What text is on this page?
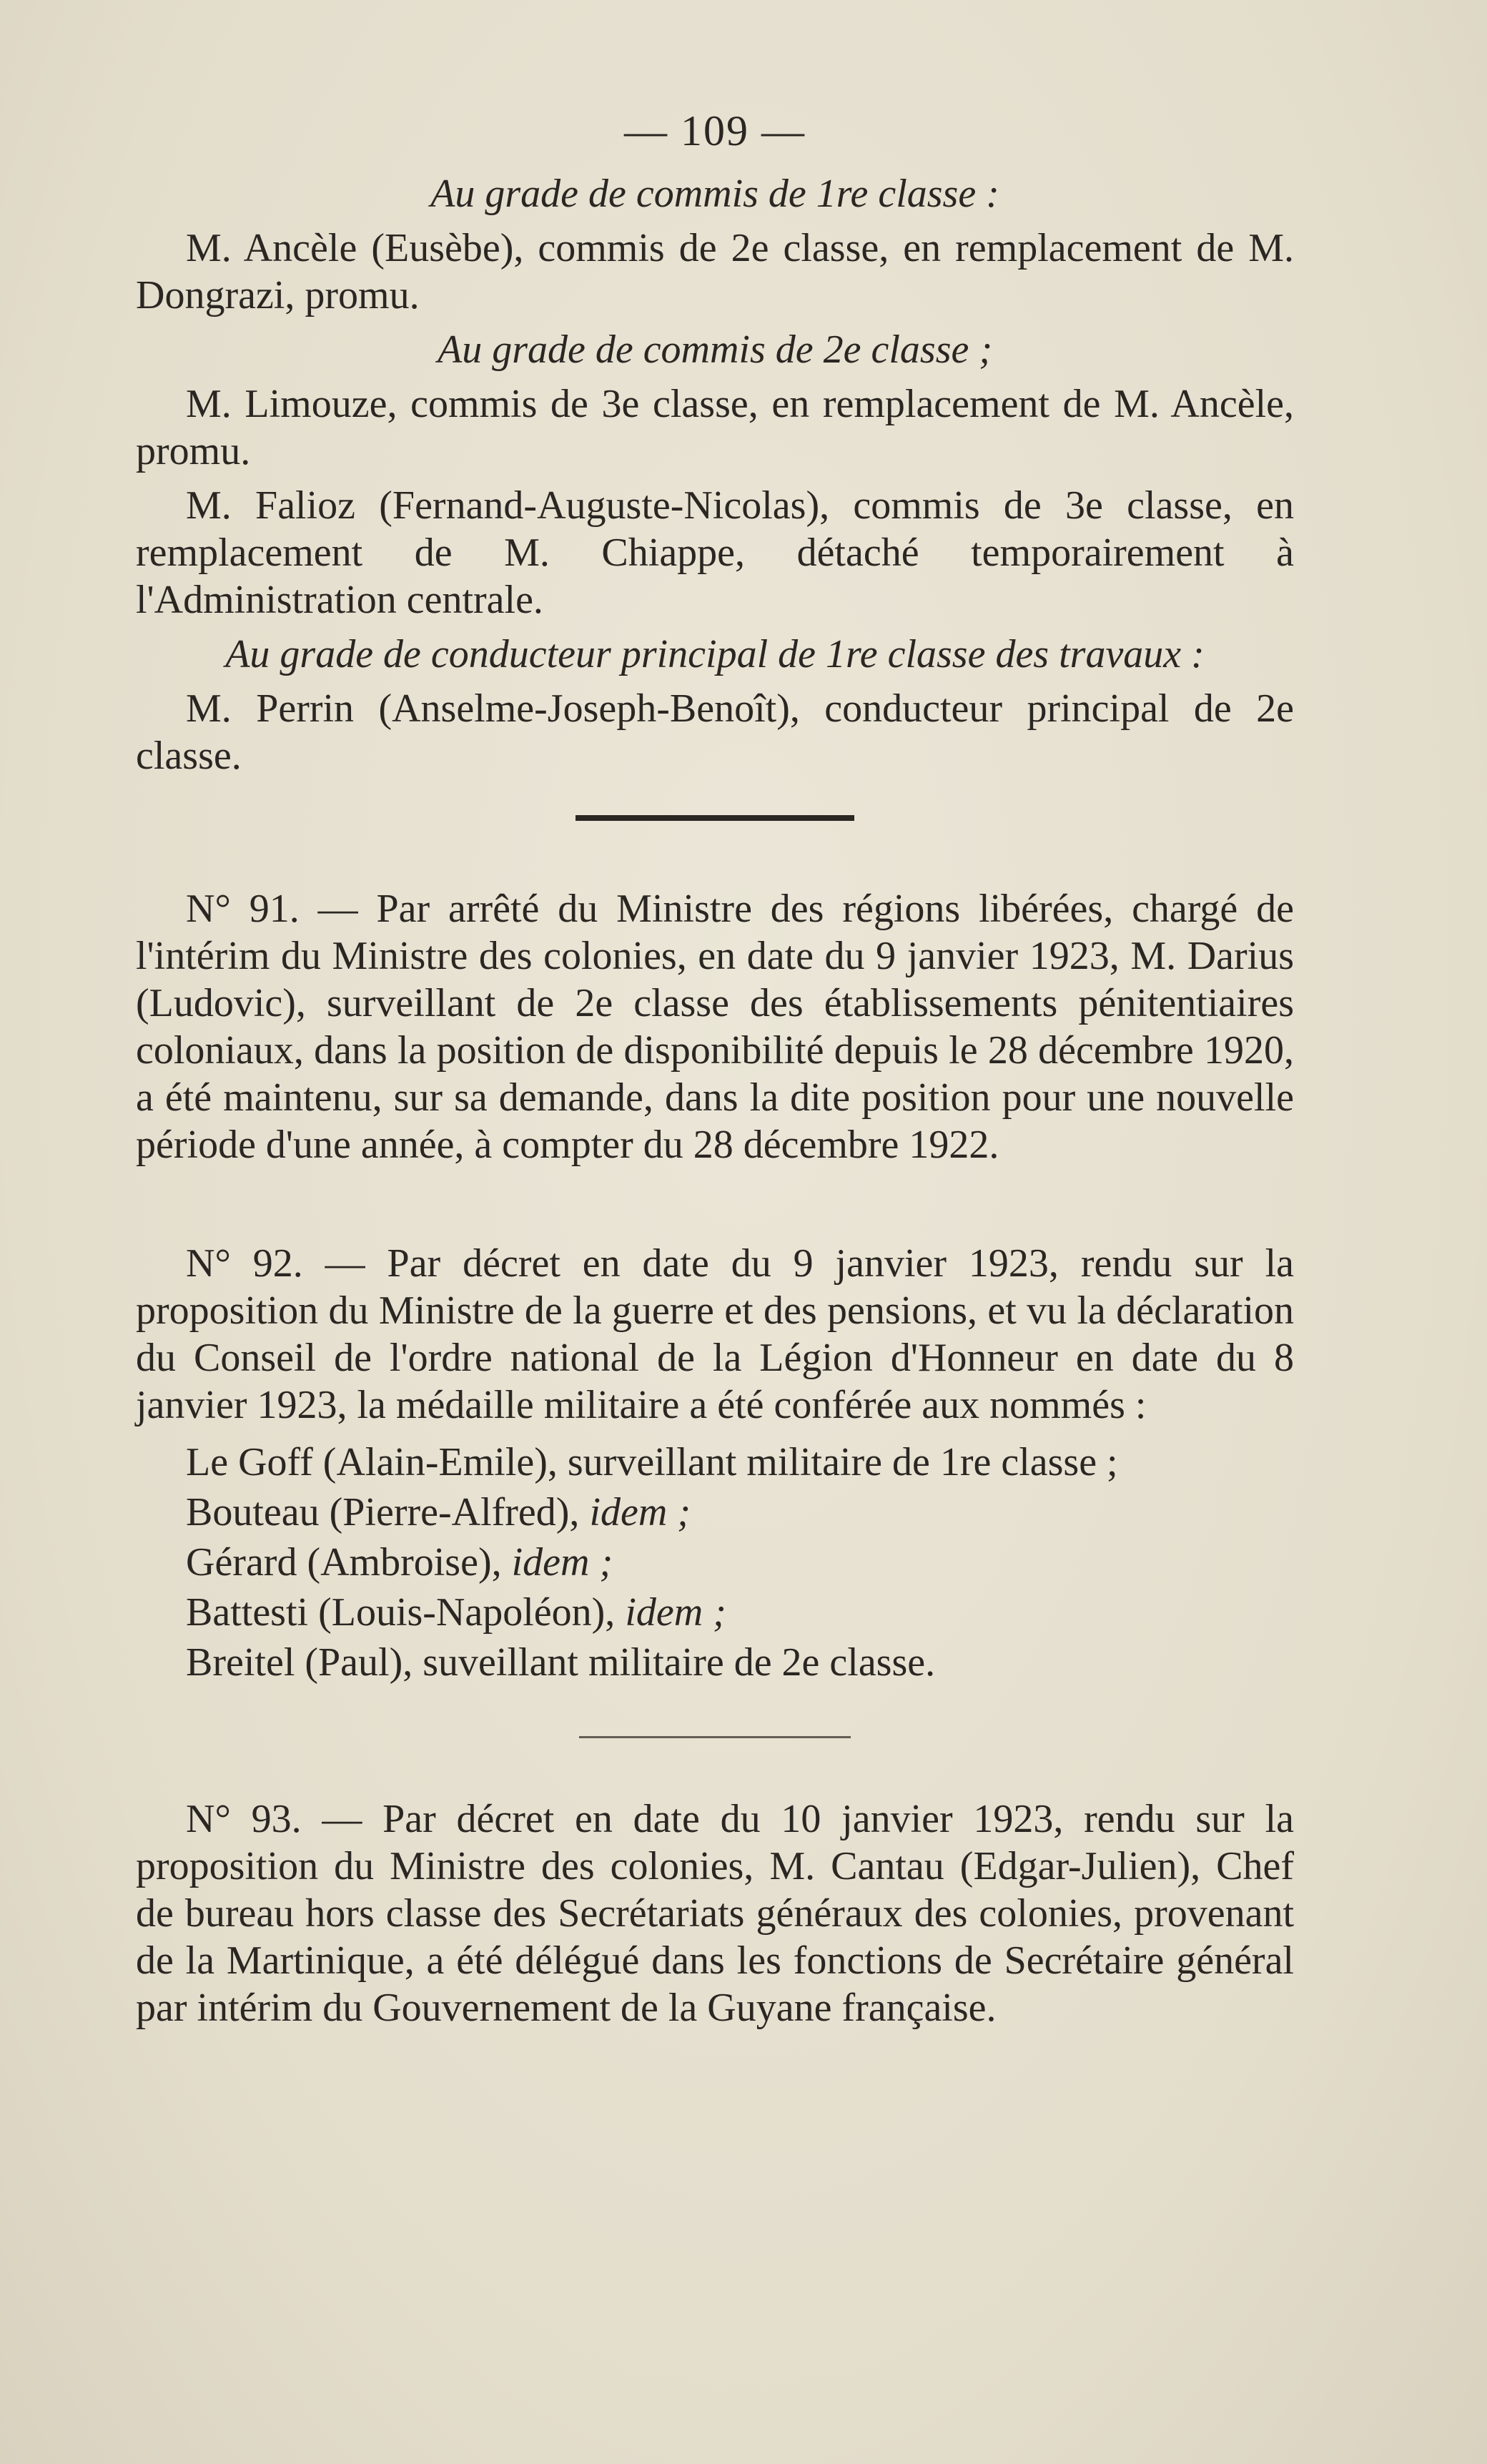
— 109 —
Au grade de commis de 1re classe :
M. Ancèle (Eusèbe), commis de 2e classe, en remplacement de M. Dongrazi, promu.
Au grade de commis de 2e classe ;
M. Limouze, commis de 3e classe, en remplacement de M. Ancèle, promu.
M. Falioz (Fernand-Auguste-Nicolas), commis de 3e classe, en remplacement de M. Chiappe, détaché temporairement à l'Administration centrale.
Au grade de conducteur principal de 1re classe des travaux :
M. Perrin (Anselme-Joseph-Benoît), conducteur principal de 2e classe.
N° 91. — Par arrêté du Ministre des régions libérées, chargé de l'intérim du Ministre des colonies, en date du 9 janvier 1923, M. Darius (Ludovic), surveillant de 2e classe des établissements pénitentiaires coloniaux, dans la position de disponibilité depuis le 28 décembre 1920, a été maintenu, sur sa demande, dans la dite position pour une nouvelle période d'une année, à compter du 28 décembre 1922.
N° 92. — Par décret en date du 9 janvier 1923, rendu sur la proposition du Ministre de la guerre et des pensions, et vu la déclaration du Conseil de l'ordre national de la Légion d'Honneur en date du 8 janvier 1923, la médaille militaire a été conférée aux nommés :
Le Goff (Alain-Emile), surveillant militaire de 1re classe ;
Bouteau (Pierre-Alfred), idem ;
Gérard (Ambroise), idem ;
Battesti (Louis-Napoléon), idem ;
Breitel (Paul), suveillant militaire de 2e classe.
N° 93. — Par décret en date du 10 janvier 1923, rendu sur la proposition du Ministre des colonies, M. Cantau (Edgar-Julien), Chef de bureau hors classe des Secrétariats généraux des colonies, provenant de la Martinique, a été délégué dans les fonctions de Secrétaire général par intérim du Gouvernement de la Guyane française.
